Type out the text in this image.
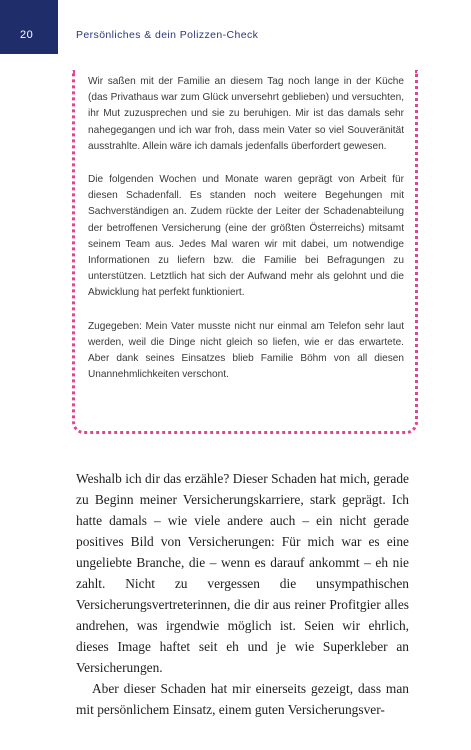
20	Persönliches & dein Polizzen-Check

Wir saßen mit der Familie an diesem Tag noch lange in der Küche (das Privathaus war zum Glück unversehrt geblieben) und versuchten, ihr Mut zuzusprechen und sie zu beruhigen. Mir ist das damals sehr nahegegangen und ich war froh, dass mein Vater so viel Souveränität ausstrahlte. Allein wäre ich damals jedenfalls überfordert gewesen.

Die folgenden Wochen und Monate waren geprägt von Arbeit für diesen Schadenfall. Es standen noch weitere Begehungen mit Sachverständigen an. Zudem rückte der Leiter der Schadenabteilung der betroffenen Versicherung (eine der größten Österreichs) mitsamt seinem Team aus. Jedes Mal waren wir mit dabei, um notwendige Informationen zu liefern bzw. die Familie bei Befragungen zu unterstützen. Letztlich hat sich der Aufwand mehr als gelohnt und die Abwicklung hat perfekt funktioniert.

Zugegeben: Mein Vater musste nicht nur einmal am Telefon sehr laut werden, weil die Dinge nicht gleich so liefen, wie er das erwartete. Aber dank seines Einsatzes blieb Familie Böhm von all diesen Unannehmlichkeiten verschont.

Weshalb ich dir das erzähle? Dieser Schaden hat mich, gerade zu Beginn meiner Versicherungskarriere, stark geprägt. Ich hatte damals – wie viele andere auch – ein nicht gerade positives Bild von Versicherungen: Für mich war es eine ungeliebte Branche, die – wenn es darauf ankommt – eh nie zahlt. Nicht zu vergessen die unsympathischen Versicherungsvertreterinnen, die dir aus reiner Profitgier alles andrehen, was irgendwie möglich ist. Seien wir ehrlich, dieses Image haftet seit eh und je wie Superkleber an Versicherungen.

Aber dieser Schaden hat mir einerseits gezeigt, dass man mit persönlichem Einsatz, einem guten Versicherungsver-
